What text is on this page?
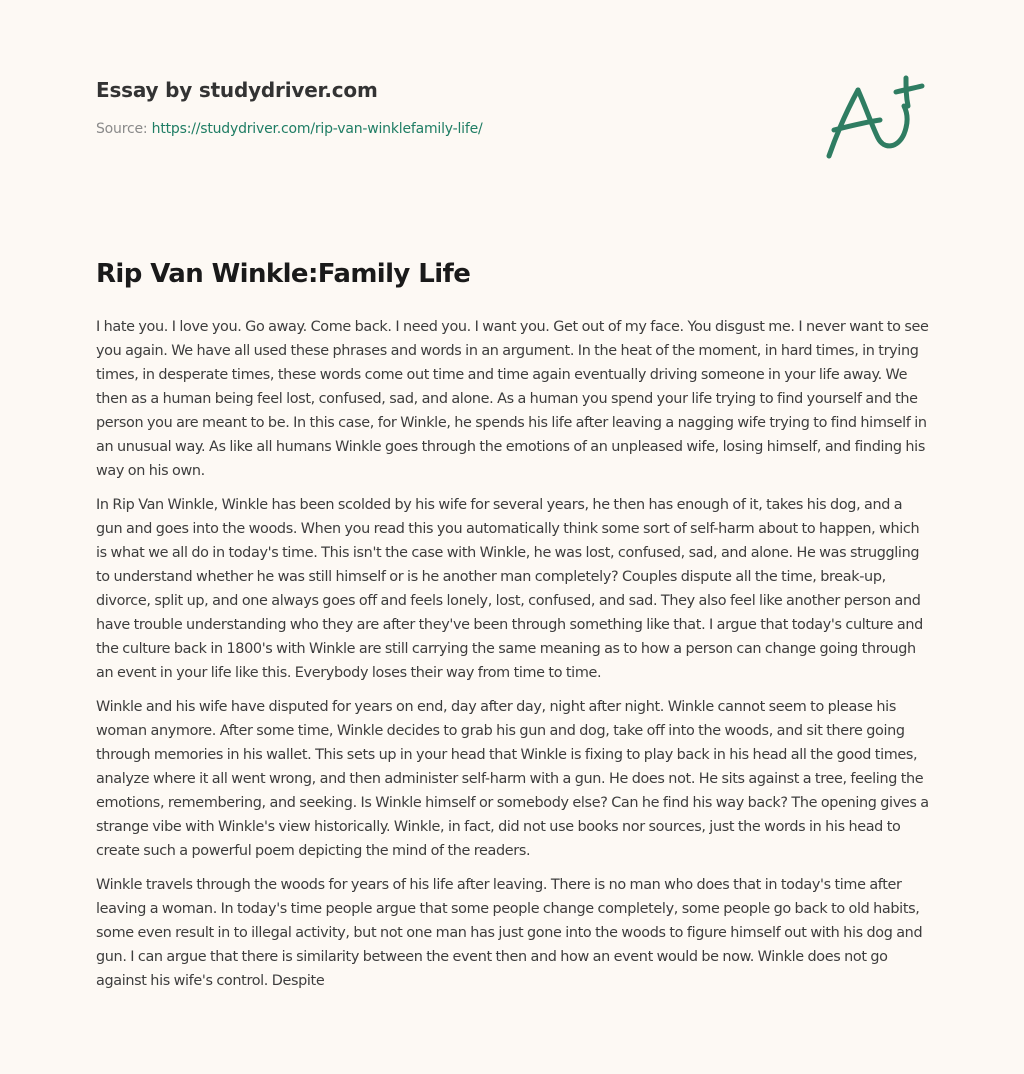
Essay by studydriver.com
Source: https://studydriver.com/rip-van-winklefamily-life/
Rip Van Winkle:Family Life

I hate you. I love you. Go away. Come back. I need you. I want you. Get out of my face. You disgust me. I never want to see you again. We have all used these phrases and words in an argument. In the heat of the moment, in hard times, in trying times, in desperate times, these words come out time and time again eventually driving someone in your life away. We then as a human being feel lost, confused, sad, and alone. As a human you spend your life trying to find yourself and the person you are meant to be. In this case, for Winkle, he spends his life after leaving a nagging wife trying to find himself in an unusual way. As like all humans Winkle goes through the emotions of an unpleased wife, losing himself, and finding his way on his own.

In Rip Van Winkle, Winkle has been scolded by his wife for several years, he then has enough of it, takes his dog, and a gun and goes into the woods. When you read this you automatically think some sort of self-harm about to happen, which is what we all do in today's time. This isn't the case with Winkle, he was lost, confused, sad, and alone. He was struggling to understand whether he was still himself or is he another man completely? Couples dispute all the time, break-up, divorce, split up, and one always goes off and feels lonely, lost, confused, and sad. They also feel like another person and have trouble understanding who they are after they've been through something like that. I argue that today's culture and the culture back in 1800's with Winkle are still carrying the same meaning as to how a person can change going through an event in your life like this. Everybody loses their way from time to time.

Winkle and his wife have disputed for years on end, day after day, night after night. Winkle cannot seem to please his woman anymore. After some time, Winkle decides to grab his gun and dog, take off into the woods, and sit there going through memories in his wallet. This sets up in your head that Winkle is fixing to play back in his head all the good times, analyze where it all went wrong, and then administer self-harm with a gun. He does not. He sits against a tree, feeling the emotions, remembering, and seeking. Is Winkle himself or somebody else? Can he find his way back? The opening gives a strange vibe with Winkle's view historically. Winkle, in fact, did not use books nor sources, just the words in his head to create such a powerful poem depicting the mind of the readers.

Winkle travels through the woods for years of his life after leaving. There is no man who does that in today's time after leaving a woman. In today's time people argue that some people change completely, some people go back to old habits, some even result in to illegal activity, but not one man has just gone into the woods to figure himself out with his dog and gun. I can argue that there is similarity between the event then and how an event would be now. Winkle does not go against his wife's control. Despite
